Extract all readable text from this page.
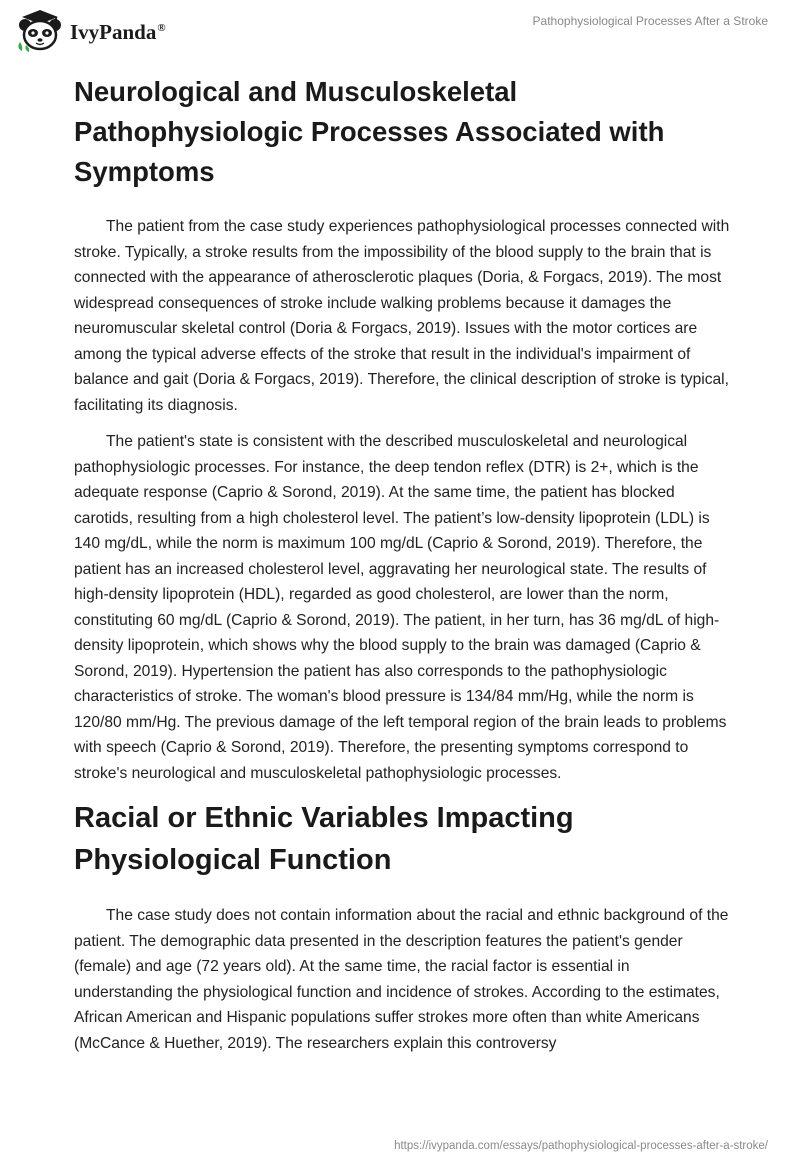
IvyPanda®	Pathophysiological Processes After a Stroke
Neurological and Musculoskeletal Pathophysiologic Processes Associated with Symptoms

The patient from the case study experiences pathophysiological processes connected with stroke. Typically, a stroke results from the impossibility of the blood supply to the brain that is connected with the appearance of atherosclerotic plaques (Doria, & Forgacs, 2019). The most widespread consequences of stroke include walking problems because it damages the neuromuscular skeletal control (Doria & Forgacs, 2019). Issues with the motor cortices are among the typical adverse effects of the stroke that result in the individual's impairment of balance and gait (Doria & Forgacs, 2019). Therefore, the clinical description of stroke is typical, facilitating its diagnosis.

The patient's state is consistent with the described musculoskeletal and neurological pathophysiologic processes. For instance, the deep tendon reflex (DTR) is 2+, which is the adequate response (Caprio & Sorond, 2019). At the same time, the patient has blocked carotids, resulting from a high cholesterol level. The patient’s low-density lipoprotein (LDL) is 140 mg/dL, while the norm is maximum 100 mg/dL (Caprio & Sorond, 2019). Therefore, the patient has an increased cholesterol level, aggravating her neurological state. The results of high-density lipoprotein (HDL), regarded as good cholesterol, are lower than the norm, constituting 60 mg/dL (Caprio & Sorond, 2019). The patient, in her turn, has 36 mg/dL of high-density lipoprotein, which shows why the blood supply to the brain was damaged (Caprio & Sorond, 2019). Hypertension the patient has also corresponds to the pathophysiologic characteristics of stroke. The woman's blood pressure is 134/84 mm/Hg, while the norm is 120/80 mm/Hg. The previous damage of the left temporal region of the brain leads to problems with speech (Caprio & Sorond, 2019). Therefore, the presenting symptoms correspond to stroke's neurological and musculoskeletal pathophysiologic processes.

Racial or Ethnic Variables Impacting Physiological Function

The case study does not contain information about the racial and ethnic background of the patient. The demographic data presented in the description features the patient's gender (female) and age (72 years old). At the same time, the racial factor is essential in understanding the physiological function and incidence of strokes. According to the estimates, African American and Hispanic populations suffer strokes more often than white Americans (McCance & Huether, 2019). The researchers explain this controversy

https://ivypanda.com/essays/pathophysiological-processes-after-a-stroke/
